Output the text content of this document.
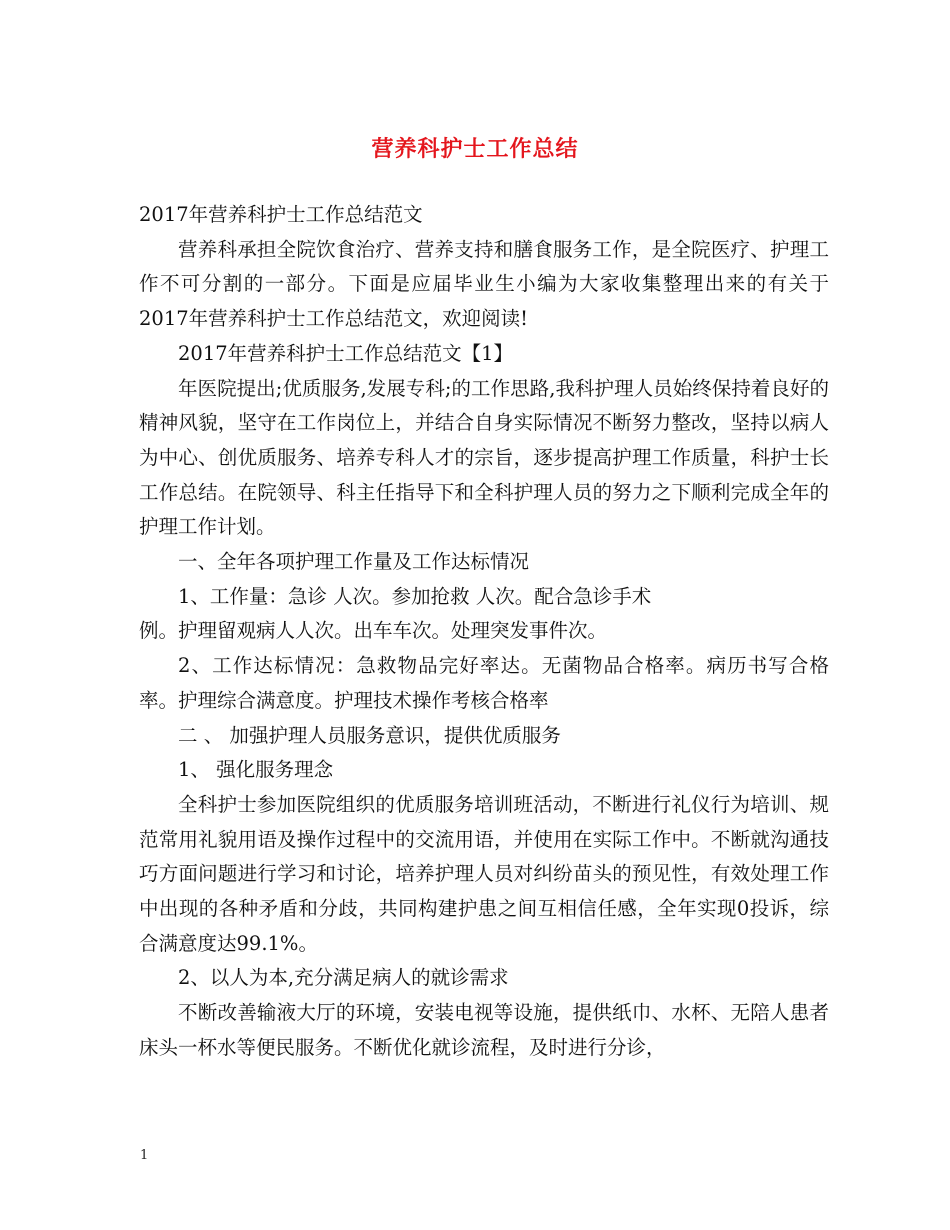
营养科护士工作总结

2017年营养科护士工作总结范文

营养科承担全院饮食治疗、营养支持和膳食服务工作，是全院医疗、护理工作不可分割的一部分。下面是应届毕业生小编为大家收集整理出来的有关于2017年营养科护士工作总结范文，欢迎阅读!

2017年营养科护士工作总结范文【1】

年医院提出;优质服务,发展专科;的工作思路,我科护理人员始终保持着良好的精神风貌，坚守在工作岗位上，并结合自身实际情况不断努力整改，坚持以病人为中心、创优质服务、培养专科人才的宗旨，逐步提高护理工作质量，科护士长工作总结。在院领导、科主任指导下和全科护理人员的努力之下顺利完成全年的护理工作计划。

一、全年各项护理工作量及工作达标情况

1、工作量：急诊 人次。参加抢救 人次。配合急诊手术

例。护理留观病人人次。出车车次。处理突发事件次。

2、工作达标情况：急救物品完好率达。无菌物品合格率。病历书写合格率。护理综合满意度。护理技术操作考核合格率

二 、 加强护理人员服务意识，提供优质服务

1、 强化服务理念

全科护士参加医院组织的优质服务培训班活动，不断进行礼仪行为培训、规范常用礼貌用语及操作过程中的交流用语，并使用在实际工作中。不断就沟通技巧方面问题进行学习和讨论，培养护理人员对纠纷苗头的预见性，有效处理工作中出现的各种矛盾和分歧，共同构建护患之间互相信任感，全年实现0投诉，综合满意度达99.1%。

2、以人为本,充分满足病人的就诊需求

不断改善输液大厅的环境，安装电视等设施，提供纸巾、水杯、无陪人患者床头一杯水等便民服务。不断优化就诊流程，及时进行分诊，

1
